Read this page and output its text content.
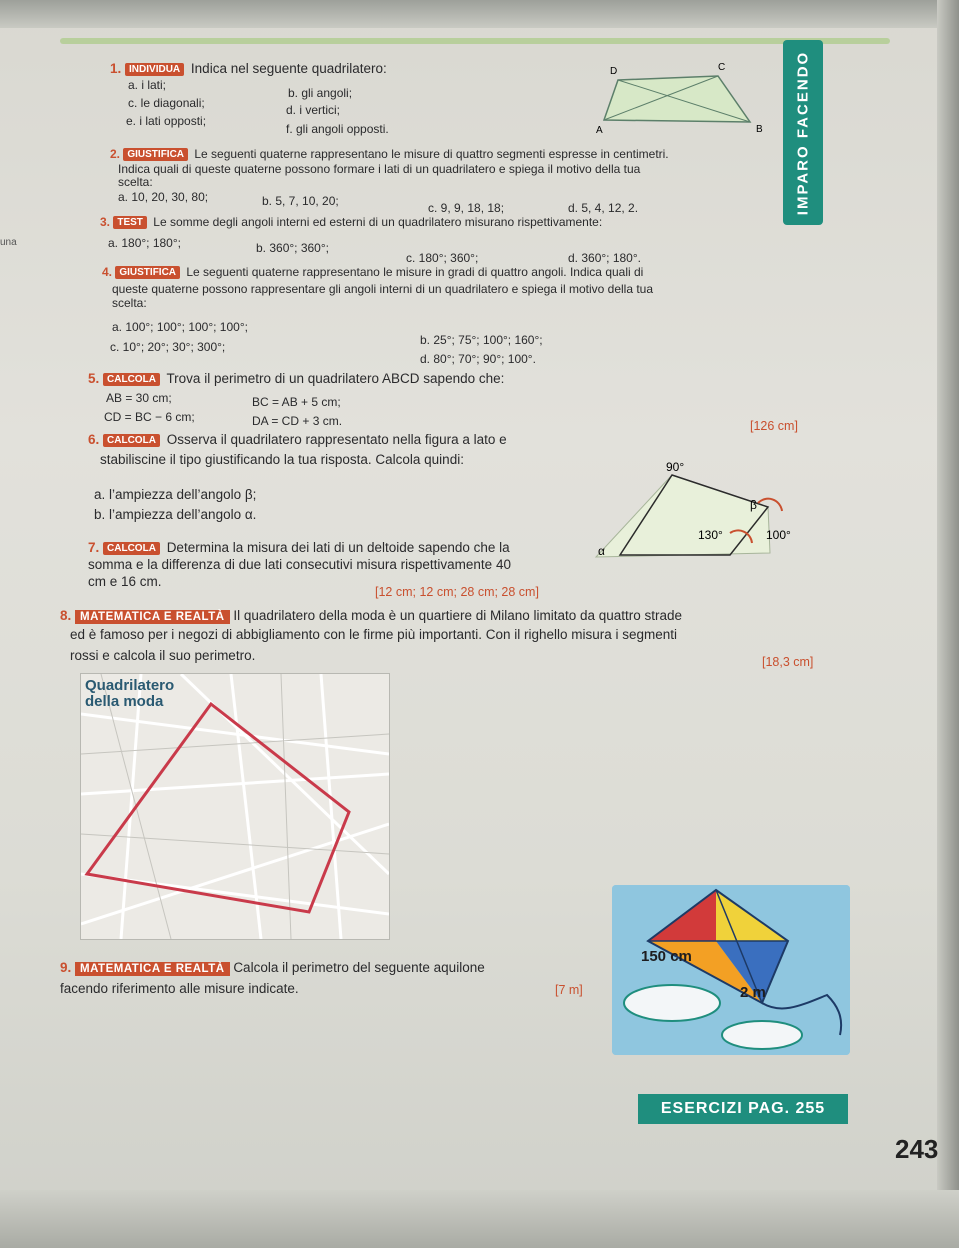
IMPARO FACENDO
una
1. INDIVIDUA Indica nel seguente quadrilatero:
a. i lati;
b. gli angoli;
c. le diagonali;	d. i vertici;
e. i lati opposti;
f. gli angoli opposti.
D	C
A	B
2. GIUSTIFICA Le seguenti quaterne rappresentano le misure di quattro segmenti espresse in centimetri.
Indica quali di queste quaterne possono formare i lati di un quadrilatero e spiega il motivo della tua
scelta:
a. 10, 20, 30, 80;	b. 5, 7, 10, 20;	c. 9, 9, 18, 18;	d. 5, 4, 12, 2.
3. TEST Le somme degli angoli interni ed esterni di un quadrilatero misurano rispettivamente:
a. 180°; 180°;	b. 360°; 360°;
c. 180°; 360°;	d. 360°; 180°.
4. GIUSTIFICA Le seguenti quaterne rappresentano le misure in gradi di quattro angoli. Indica quali di
queste quaterne possono rappresentare gli angoli interni di un quadrilatero e spiega il motivo della tua
scelta:
a. 100°; 100°; 100°; 100°;
b. 25°; 75°; 100°; 160°;
c. 10°; 20°; 30°; 300°;
d. 80°; 70°; 90°; 100°.
5. CALCOLA Trova il perimetro di un quadrilatero ABCD sapendo che:
AB = 30 cm;	BC = AB + 5 cm;
CD = BC − 6 cm;	DA = CD + 3 cm.	[126 cm]
6. CALCOLA Osserva il quadrilatero rappresentato nella figura a lato e
stabiliscine il tipo giustificando la tua risposta. Calcola quindi:
a. l’ampiezza dell’angolo β;
b. l’ampiezza dell’angolo α.
90°
β
130°	100°
α
7. CALCOLA Determina la misura dei lati di un deltoide sapendo che la
somma e la differenza di due lati consecutivi misura rispettivamente 40
cm e 16 cm.
[12 cm; 12 cm; 28 cm; 28 cm]
8. MATEMATICA E REALTÀ Il quadrilatero della moda è un quartiere di Milano limitato da quattro strade
ed è famoso per i negozi di abbigliamento con le firme più importanti. Con il righello misura i segmenti
rossi e calcola il suo perimetro.	[18,3 cm]
Quadrilatero
della moda
9. MATEMATICA E REALTÀ Calcola il perimetro del seguente aquilone
facendo riferimento alle misure indicate.	[7 m]
150 cm
2 m
ESERCIZI PAG. 255
243
